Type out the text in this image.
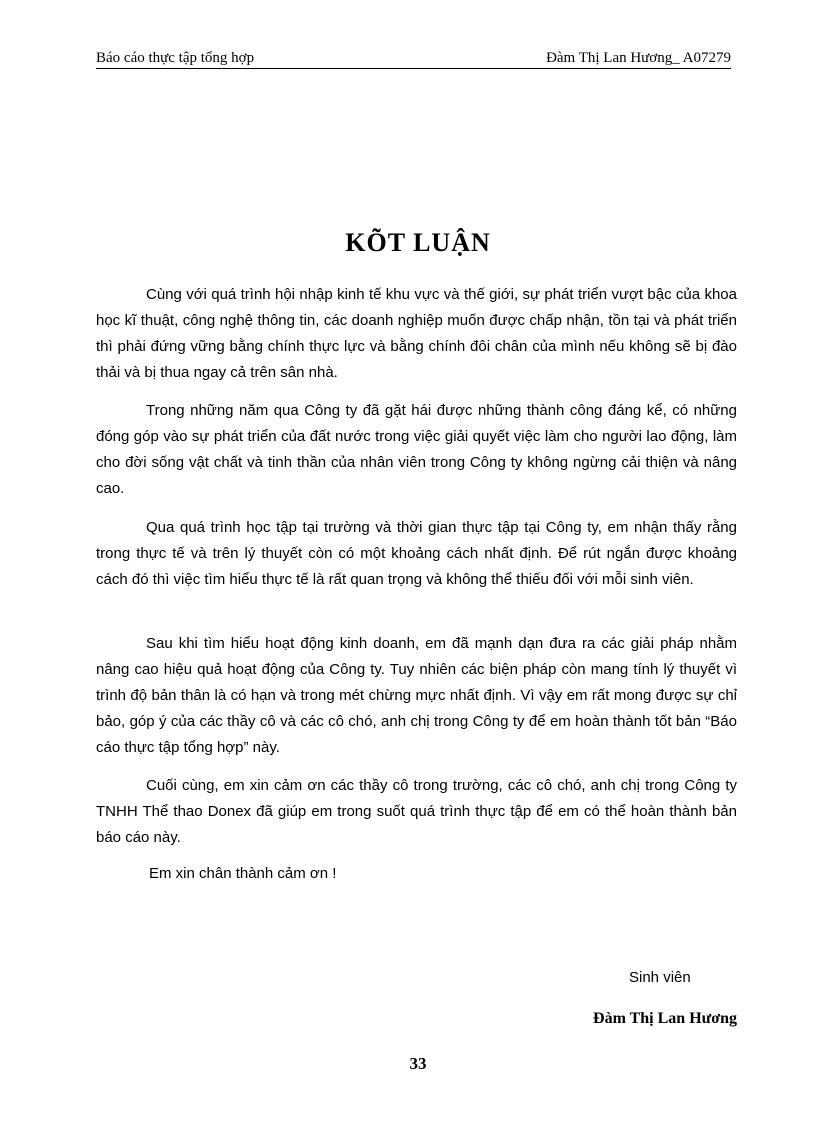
Báo cáo thực tập tổng hợp	Đàm Thị Lan Hương_ A07279
KÕT LUẬN

Cùng với quá trình hội nhập kinh tế khu vực và thế giới, sự phát triển vượt bậc của khoa học kĩ thuật, công nghệ thông tin, các doanh nghiệp muốn được chấp nhận, tồn tại và phát triển thì phải đứng vững bằng chính thực lực và bằng chính đôi chân của mình nếu không sẽ bị đào thải và bị thua ngay cả trên sân nhà.

Trong những năm qua Công ty đã gặt hái được những thành công đáng kể, có những đóng góp vào sự phát triển của đất nước trong việc giải quyết việc làm cho người lao động, làm cho đời sống vật chất và tinh thần của nhân viên trong Công ty không ngừng cải thiện và nâng cao.

Qua quá trình học tập tại trường và thời gian thực tập tại Công ty, em nhận thấy rằng trong thực tế và trên lý thuyết còn có một khoảng cách nhất định. Để rút ngắn được khoảng cách đó thì việc tìm hiểu thực tế là rất quan trọng và không thể thiếu đối với mỗi sinh viên.

Sau khi tìm hiểu hoạt động kinh doanh, em đã mạnh dạn đưa ra các giải pháp nhằm nâng cao hiệu quả hoạt động của Công ty. Tuy nhiên các biện pháp còn mang tính lý thuyết vì trình độ bản thân là có hạn và trong mét chừng mực nhất định. Vì vậy em rất mong được sự chỉ bảo, góp ý của các thầy cô và các cô chó, anh chị trong Công ty để em hoàn thành tốt bản “Báo cáo thực tập tổng hợp” này.

Cuối cùng, em xin cảm ơn các thầy cô trong trường, các cô chó, anh chị trong Công ty TNHH Thể thao Donex đã giúp em trong suốt quá trình thực tập để em có thể hoàn thành bản báo cáo này.

Em xin chân thành cảm ơn !

Sinh viên

Đàm Thị Lan Hương

33
